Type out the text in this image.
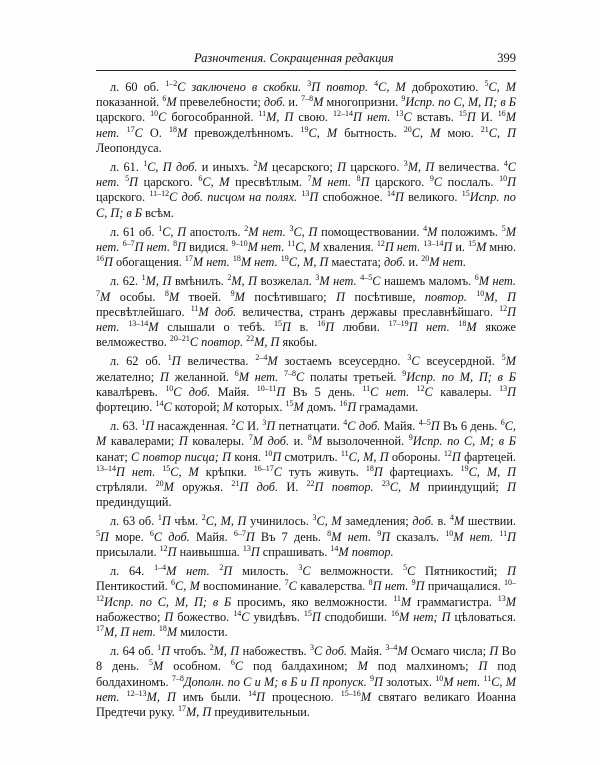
Разночтения. Сокращенная редакция	399

л. 60 об. $^{1-2}$С заключено в скобки. $^3$П повтор. $^4$С, М доброхотию. $^5$С, М показанной. $^6$М превелебности; доб. и. $^{7-8}$М многопризни. $^9$Испр. по С, М, П; в Б царского. $^{10}$С богособранной. $^{11}$М, П свою. $^{12-14}$П нет. $^{13}$С вставъ. $^{15}$П И. $^{16}$М нет. $^{17}$С О. $^{18}$М превожделѣнномъ. $^{19}$С, М бытность. $^{20}$С, М мою. $^{21}$С, П Леопондуса.

л. 61. $^1$С, П доб. и иныхъ. $^2$М цесарского; П царского. $^3$М, П величества. $^4$С нет. $^5$П царского. $^6$С, М пресвѣтлым. $^7$М нет. $^8$П царского. $^9$С послалъ. $^{10}$П царского. $^{11-12}$С доб. писцом на полях. $^{13}$П спобожное. $^{14}$П великого. $^{15}$Испр. по С, П; в Б всѣм.

л. 61 об. $^1$С, П апостолъ. $^2$М нет. $^3$С, П помоществовании. $^4$М положимъ. $^5$М нет. $^{6-7}$П нет. $^8$П видися. $^{9-10}$М нет. $^{11}$С, М хваления. $^{12}$П нет. $^{13-14}$П и. $^{15}$М мню. $^{16}$П обогащения. $^{17}$М нет. $^{18}$М нет. $^{19}$С, М, П маестата; доб. и. $^{20}$М нет.

л. 62. $^1$М, П вмѣнилъ. $^2$М, П возжелал. $^3$М нет. $^{4-5}$С нашемъ маломъ. $^6$М нет. $^7$М особы. $^8$М твоей. $^9$М посѣтившаго; П посѣтивше, повтор. $^{10}$М, П пресвѣтлейшаго. $^{11}$М доб. величества, странъ державы преславнѣйшаго. $^{12}$П нет. $^{13-14}$М слышали о тебѣ. $^{15}$П в. $^{16}$П любви. $^{17-19}$П нет. $^{18}$М якоже велможество. $^{20-21}$С повтор. $^{22}$М, П якобы.

л. 62 об. $^1$П величества. $^{2-4}$М зостаемъ всеусердно. $^3$С всеусердной. $^5$М желателно; П желанной. $^6$М нет. $^{7-8}$С полаты третьей. $^9$Испр. по М, П; в Б кавалѣревъ. $^{10}$С доб. Майя. $^{10-11}$П Въ 5 день. $^{11}$С нет. $^{12}$С кавалеры. $^{13}$П фортецию. $^{14}$С которой; М которых. $^{15}$М домъ. $^{16}$П грамадами.

л. 63. $^1$П насажденная. $^2$С И. $^3$П петнатцати. $^4$С доб. Майя. $^{4-5}$П Въ 6 день. $^6$С, М кавалерами; П ковалеры. $^7$М доб. и. $^8$М вызолоченной. $^9$Испр. по С, М; в Б канат; С повтор писца; П коня. $^{10}$П смотрилъ. $^{11}$С, М, П обороны. $^{12}$П фартецей. $^{13-14}$П нет. $^{15}$С, М крѣпки. $^{16-17}$С туть живуть. $^{18}$П фартециахъ. $^{19}$С, М, П стрѣляли. $^{20}$М оружья. $^{21}$П доб. И. $^{22}$П повтор. $^{23}$С, М прииндущий; П прединдущий.

л. 63 об. $^1$П чѣм. $^2$С, М, П учинилось. $^3$С, М замедления; доб. в. $^4$М шествии. $^5$П море. $^6$С доб. Майя. $^{6-7}$П Въ 7 день. $^8$М нет. $^9$П сказалъ. $^{10}$М нет. $^{11}$П присылали. $^{12}$П наивышша. $^{13}$П спрашивать. $^{14}$М повтор.

л. 64. $^{1-4}$М нет. $^2$П милость. $^3$С велможности. $^5$С Пятникостий; П Пентикостий. $^6$С, М воспоминание. $^7$С кавалерства. $^8$П нет. $^9$П причащалися. $^{10-12}$Испр. по С, М, П; в Б просимъ, яко велможности. $^{11}$М граммагистра. $^{13}$М набожество; П божество. $^{14}$С увидѣвъ. $^{15}$П сподобиши. $^{16}$М нет; П цѣловаться. $^{17}$М, П нет. $^{18}$М милости.

л. 64 об. $^1$П чтобъ. $^2$М, П набожествъ. $^3$С доб. Майя. $^{3-4}$М Осмаго числа; П Во 8 день. $^5$М особном. $^6$С под балдахином; М под малхиномъ; П под болдахиномъ. $^{7-8}$Дополн. по С и М; в Б и П пропуск. $^9$П золотых. $^{10}$М нет. $^{11}$С, М нет. $^{12-13}$М, П имъ были. $^{14}$П процесною. $^{15-16}$М святаго великаго Иоанна Предтечи руку. $^{17}$М, П преудивительныи.
